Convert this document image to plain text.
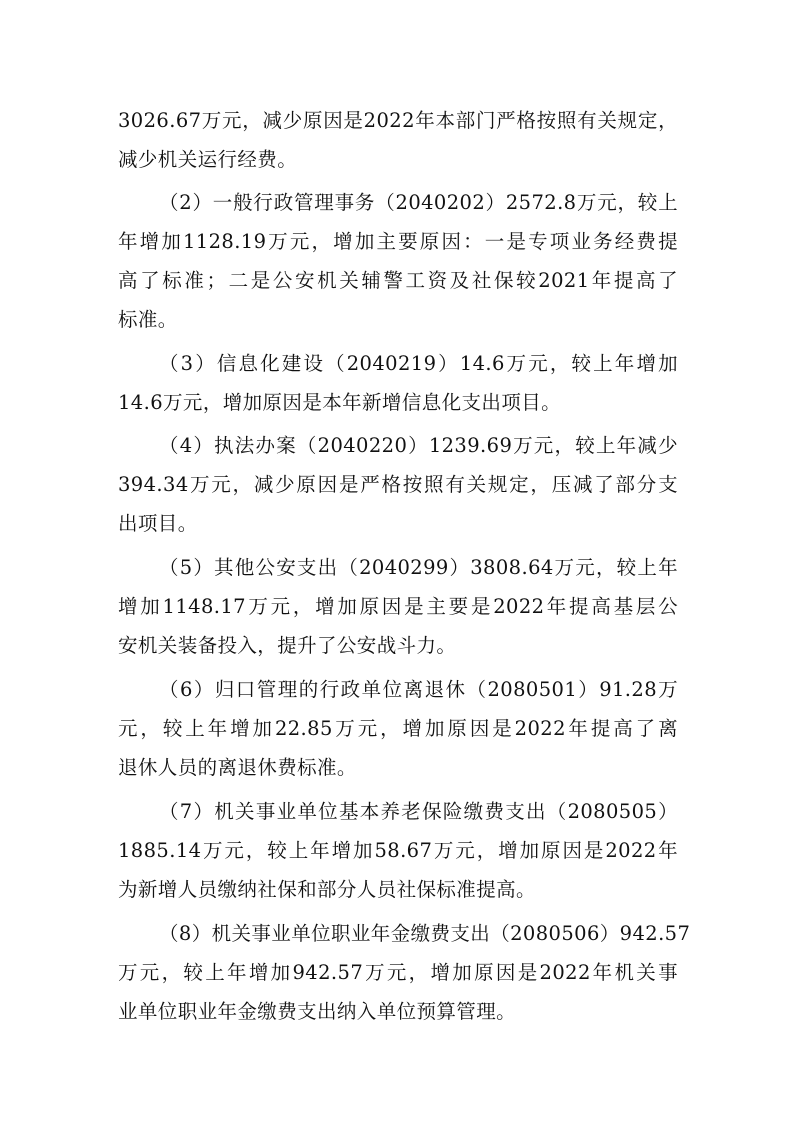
3026.67万元，减少原因是2022年本部门严格按照有关规定，
减少机关运行经费。
（2）一般行政管理事务（2040202）2572.8万元，较上
年增加1128.19万元，增加主要原因：一是专项业务经费提
高了标准；二是公安机关辅警工资及社保较2021年提高了
标准。
（3）信息化建设（2040219）14.6万元，较上年增加
14.6万元，增加原因是本年新增信息化支出项目。
（4）执法办案（2040220）1239.69万元，较上年减少
394.34万元，减少原因是严格按照有关规定，压减了部分支
出项目。
（5）其他公安支出（2040299）3808.64万元，较上年
增加1148.17万元，增加原因是主要是2022年提高基层公
安机关装备投入，提升了公安战斗力。
（6）归口管理的行政单位离退休（2080501）91.28万
元，较上年增加22.85万元，增加原因是2022年提高了离
退休人员的离退休费标准。
（7）机关事业单位基本养老保险缴费支出（2080505）
1885.14万元，较上年增加58.67万元，增加原因是2022年
为新增人员缴纳社保和部分人员社保标准提高。
（8）机关事业单位职业年金缴费支出（2080506）942.57
万元，较上年增加942.57万元，增加原因是2022年机关事
业单位职业年金缴费支出纳入单位预算管理。
